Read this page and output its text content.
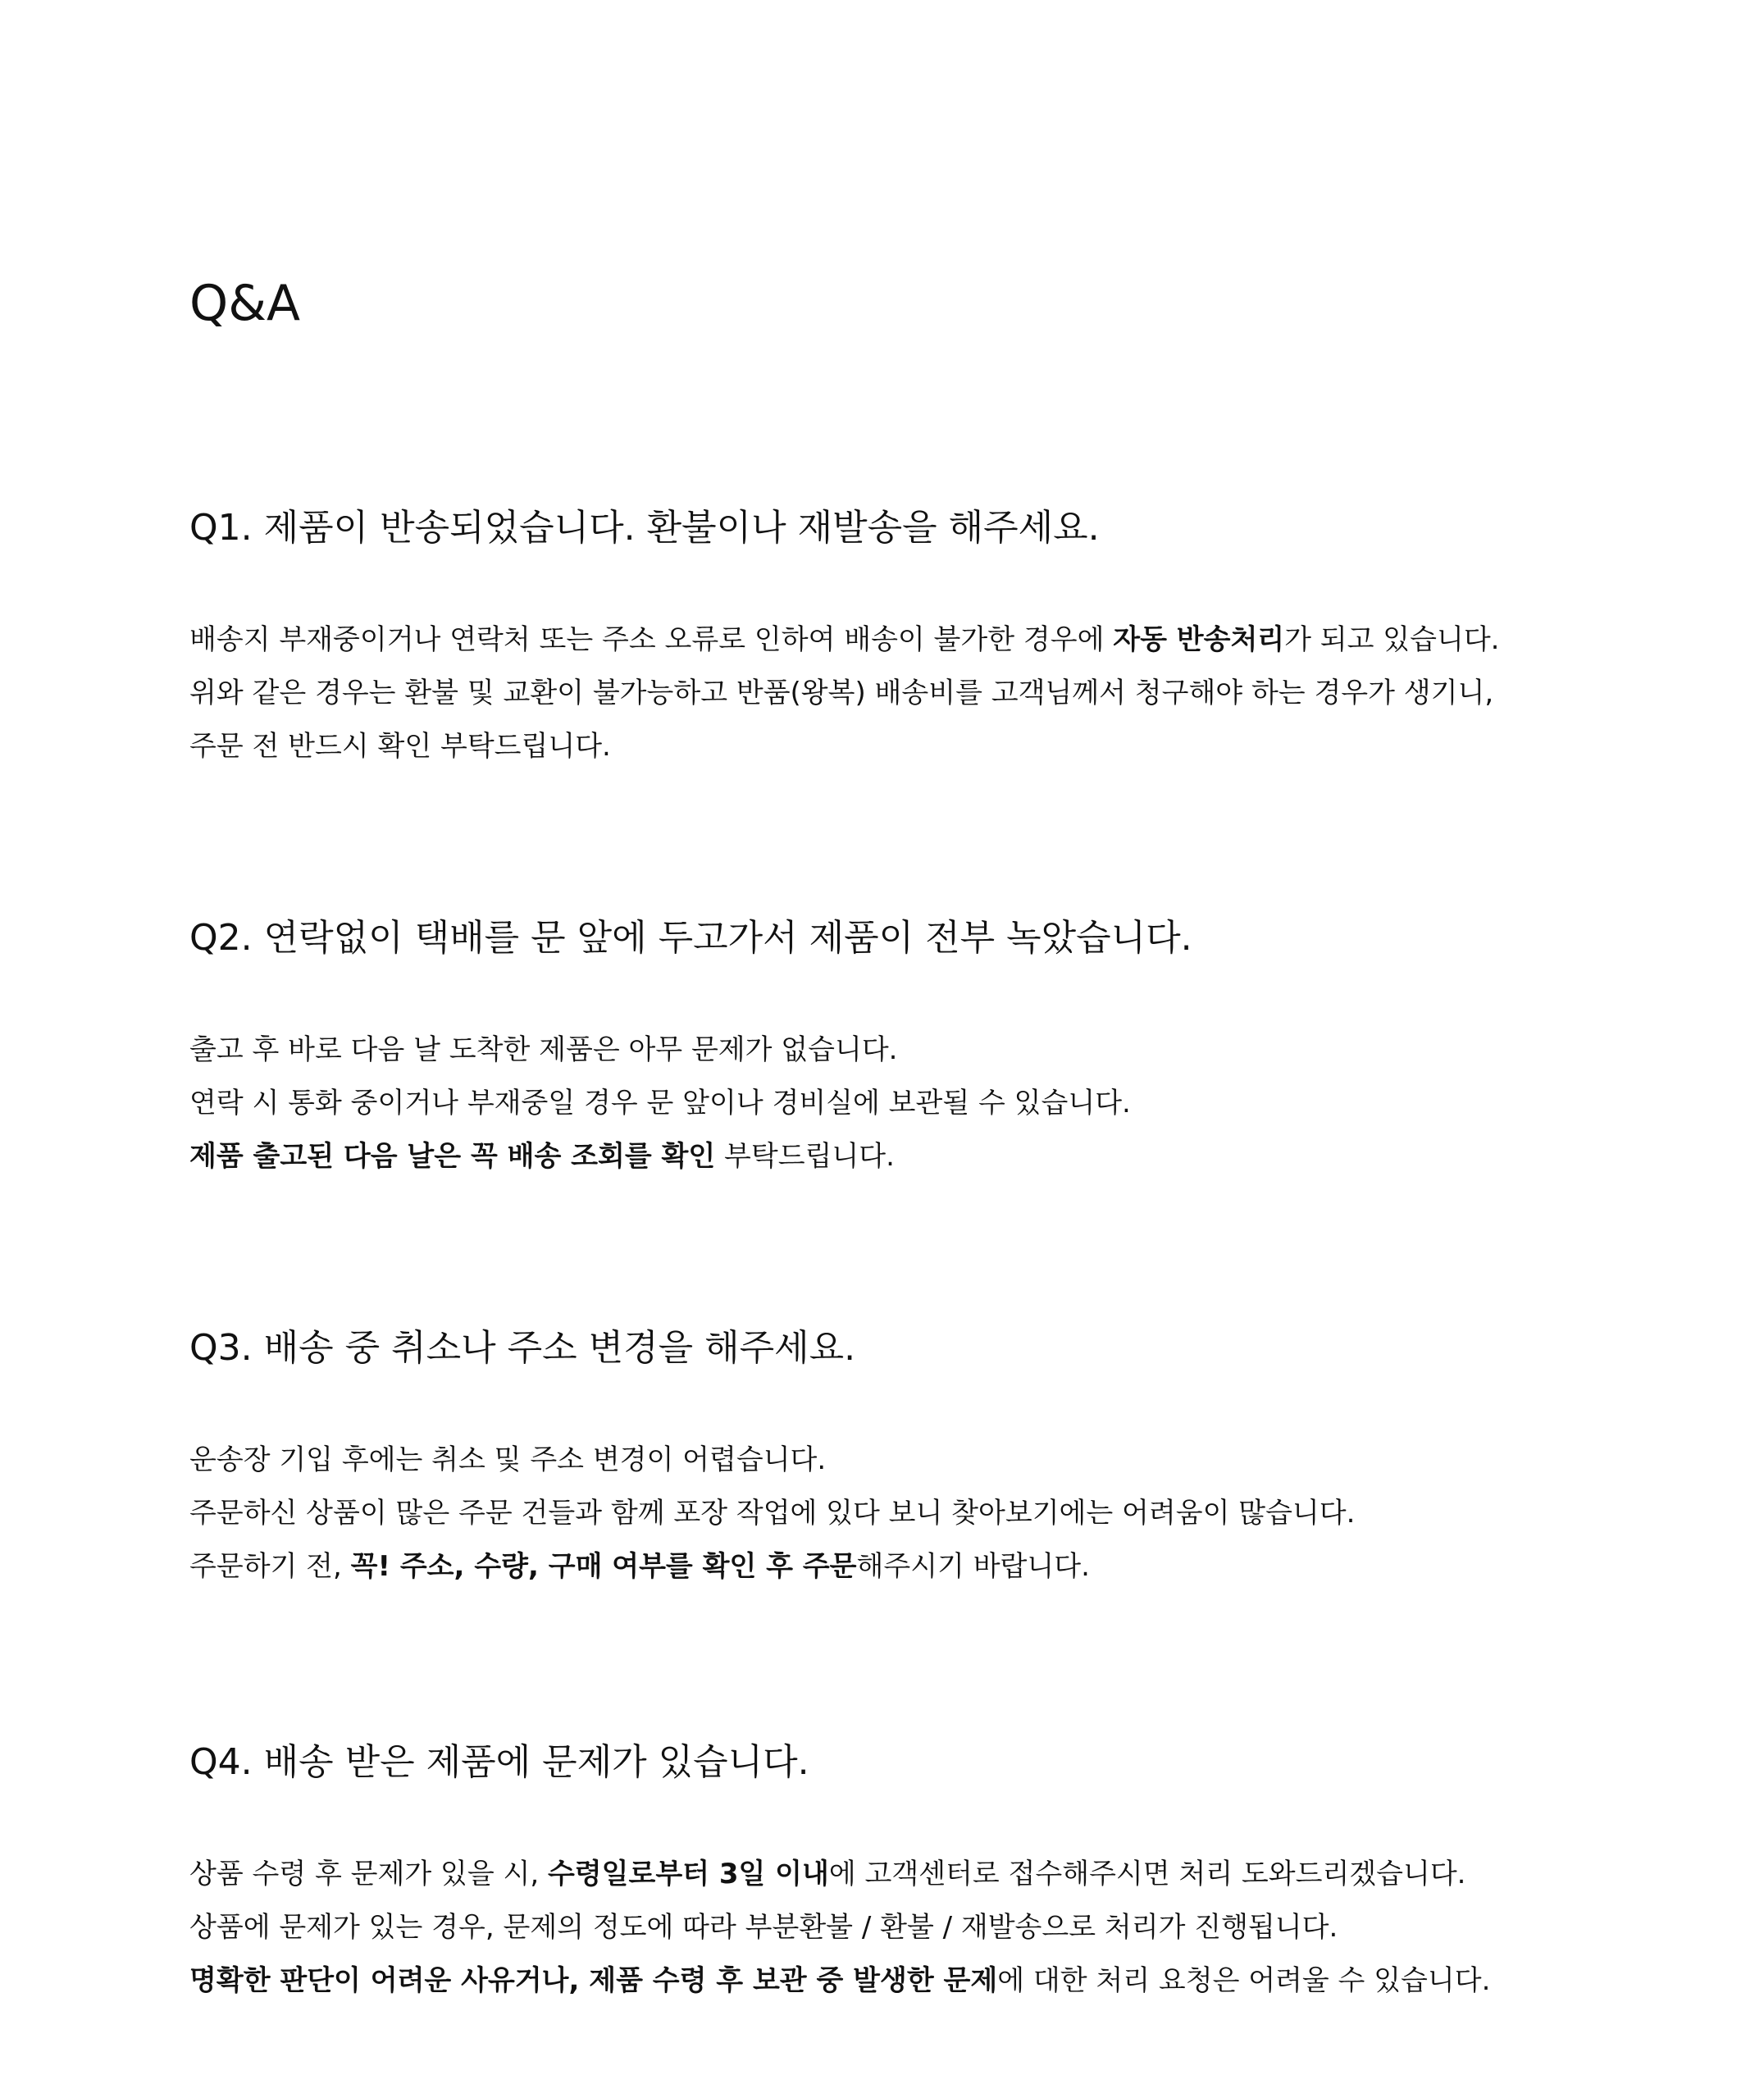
Q&A
Q1. 제품이 반송되었습니다. 환불이나 재발송을 해주세요.
배송지 부재중이거나 연락처 또는 주소 오류로 인하여 배송이 불가한 경우에 자동 반송처리가 되고 있습니다.
위와 같은 경우는 환불 및 교환이 불가능하고 반품(왕복) 배송비를 고객님께서 청구해야 하는 경우가 생기니,
주문 전 반드시 확인 부탁드립니다.
Q2. 연락없이 택배를 문 앞에 두고가서 제품이 전부 녹았습니다.
출고 후 바로 다음 날 도착한 제품은 아무 문제가 없습니다.
연락 시 통화 중이거나 부재중일 경우 문 앞이나 경비실에 보관될 수 있습니다.
제품 출고된 다음 날은 꼭 배송 조회를 확인 부탁드립니다.
Q3. 배송 중 취소나 주소 변경을 해주세요.
운송장 기입 후에는 취소 및 주소 변경이 어렵습니다.
주문하신 상품이 많은 주문 건들과 함께 포장 작업에 있다 보니 찾아보기에는 어려움이 많습니다.
주문하기 전, 꼭! 주소, 수량, 구매 여부를 확인 후 주문해주시기 바랍니다.
Q4. 배송 받은 제품에 문제가 있습니다.
상품 수령 후 문제가 있을 시, 수령일로부터 3일 이내에 고객센터로 접수해주시면 처리 도와드리겠습니다.
상품에 문제가 있는 경우, 문제의 정도에 따라 부분환불 / 환불 / 재발송으로 처리가 진행됩니다.
명확한 판단이 어려운 사유거나, 제품 수령 후 보관 중 발생한 문제에 대한 처리 요청은 어려울 수 있습니다.
